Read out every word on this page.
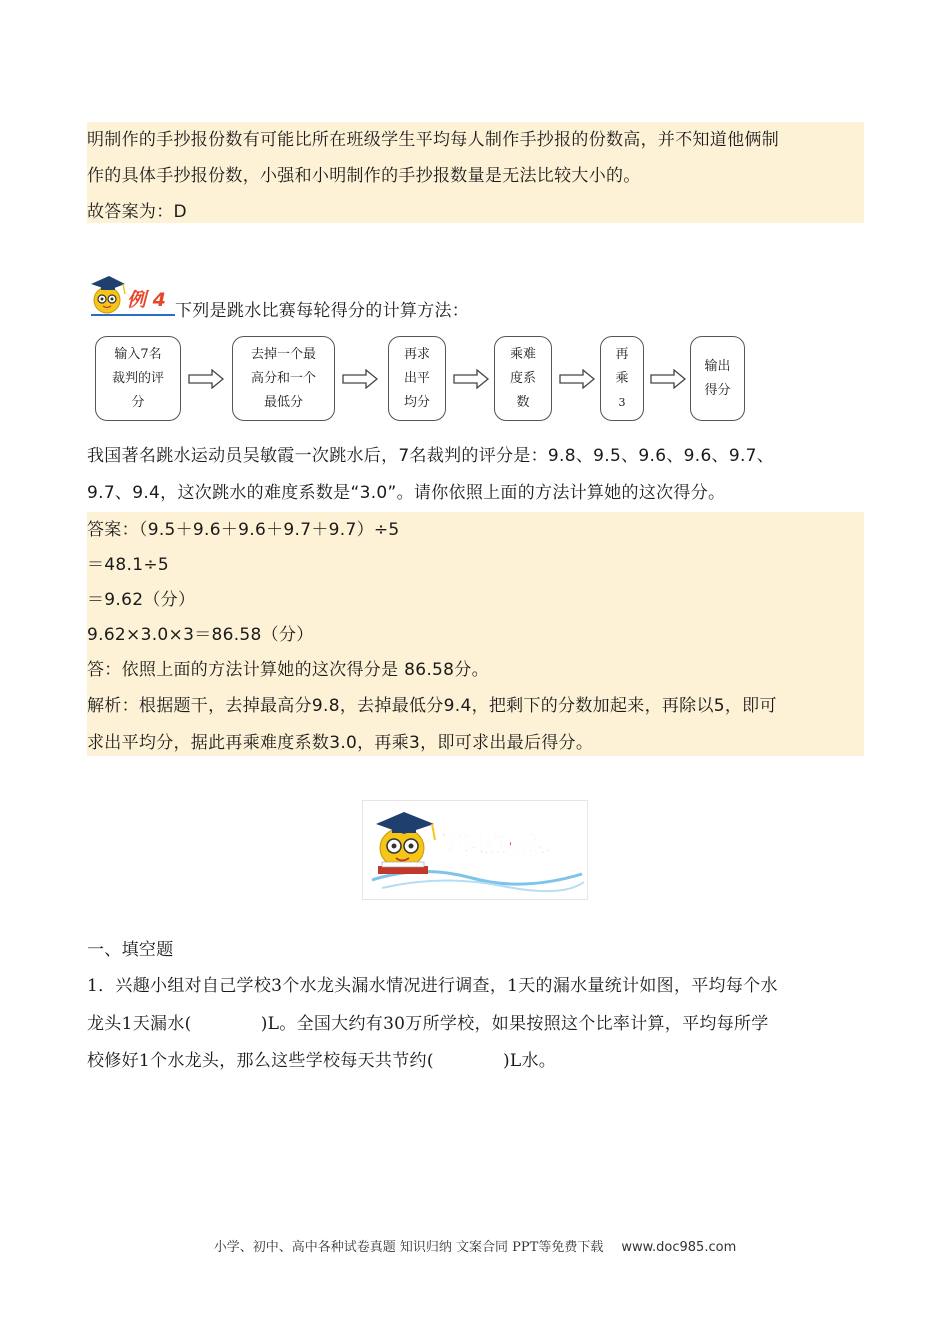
明制作的手抄报份数有可能比所在班级学生平均每人制作手抄报的份数高，并不知道他俩制
作的具体手抄报份数，小强和小明制作的手抄报数量是无法比较大小的。
故答案为：D
例 4 下列是跳水比赛每轮得分的计算方法：
输入7名
裁判的评
分
去掉一个最
高分和一个
最低分
再求
出平
均分
乘难
度系
数
再
乘
3
输出
得分
我国著名跳水运动员吴敏霞一次跳水后，7名裁判的评分是：9.8、9.5、9.6、9.6、9.7、
9.7、9.4，这次跳水的难度系数是“3.0”。请你依照上面的方法计算她的这次得分。
答案：（9.5＋9.6＋9.6＋9.7＋9.7）÷5
＝48.1÷5
＝9.62（分）
9.62×3.0×3＝86.58（分）
答：依照上面的方法计算她的这次得分是 86.58分。
解析：根据题干，去掉最高分9.8，去掉最低分9.4，把剩下的分数加起来，再除以5，即可
求出平均分，据此再乘难度系数3.0，再乘3，即可求出最后得分。
知识点精练
一、填空题
1．兴趣小组对自己学校3个水龙头漏水情况进行调查，1天的漏水量统计如图，平均每个水
龙头1天漏水(　　　　)L。全国大约有30万所学校，如果按照这个比率计算，平均每所学
校修好1个水龙头，那么这些学校每天共节约(　　　　)L水。
小学、初中、高中各种试卷真题 知识归纳 文案合同 PPT等免费下载 www.doc985.com
